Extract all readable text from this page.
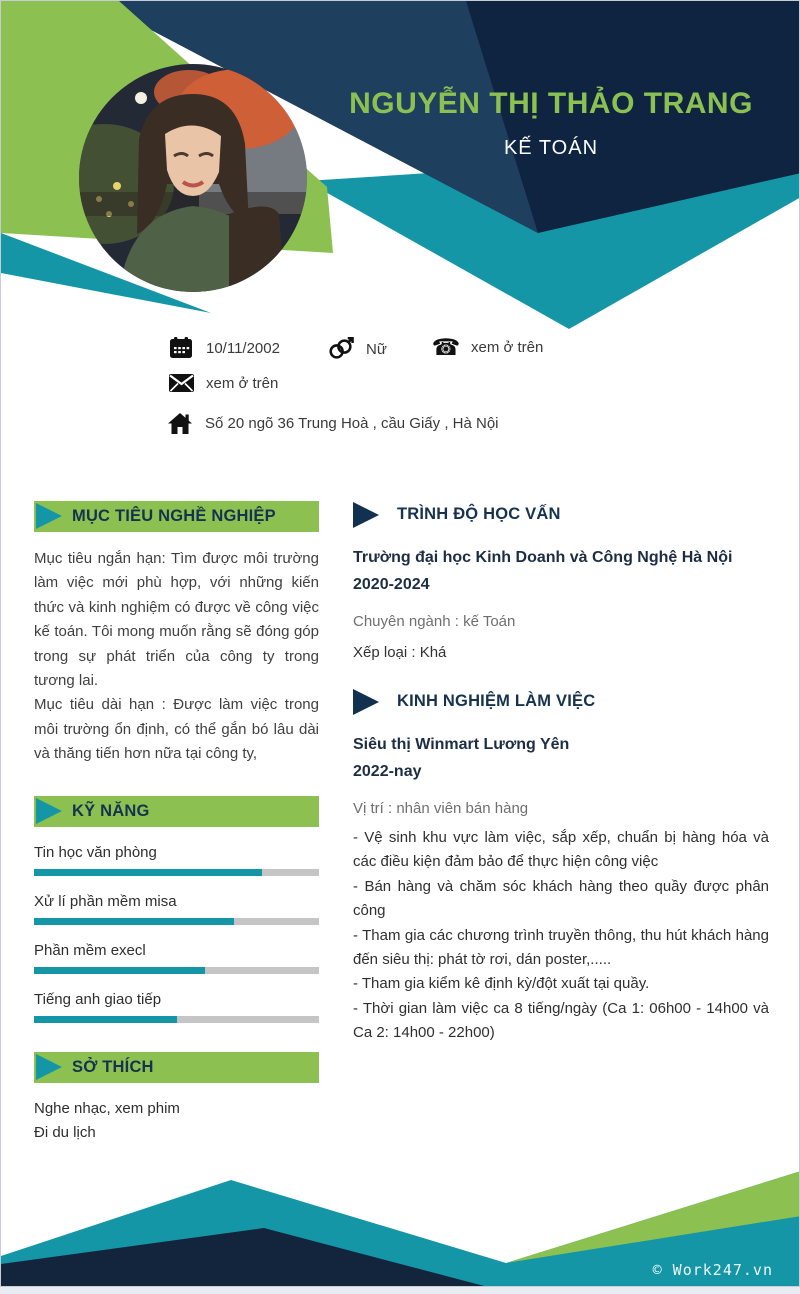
NGUYỄN THỊ THẢO TRANG
KẾ TOÁN
10/11/2002	Nữ ☎ xem ở trên
xem ở trên
Số 20 ngõ 36 Trung Hoà , cầu Giấy , Hà Nội
MỤC TIÊU NGHỀ NGHIỆP

Mục tiêu ngắn hạn: Tìm được môi trường làm việc mới phù hợp, với những kiến thức và kinh nghiệm có được về công việc kế toán. Tôi mong muốn rằng sẽ đóng góp trong sự phát triển của công ty trong tương lai.

Mục tiêu dài hạn : Được làm việc trong môi trường ổn định, có thể gắn bó lâu dài và thăng tiến hơn nữa tại công ty,

KỸ NĂNG
Tin học văn phòng
Xử lí phần mềm misa
Phần mềm execl
Tiếng anh giao tiếp
SỞ THÍCH

Nghe nhạc, xem phim

Đi du lịch

TRÌNH ĐỘ HỌC VẤN
Trường đại học Kinh Doanh và Công Nghệ Hà Nội
2020-2024
Chuyên ngành : kế Toán
Xếp loại : Khá
KINH NGHIỆM LÀM VIỆC
Siêu thị Winmart Lương Yên
2022-nay
Vị trí : nhân viên bán hàng

- Vệ sinh khu vực làm việc, sắp xếp, chuẩn bị hàng hóa và các điều kiện đảm bảo để thực hiện công việc

- Bán hàng và chăm sóc khách hàng theo quầy được phân công

- Tham gia các chương trình truyền thông, thu hút khách hàng đến siêu thị: phát tờ rơi, dán poster,.....

- Tham gia kiểm kê định kỳ/đột xuất tại quầy.

- Thời gian làm việc ca 8 tiếng/ngày (Ca 1: 06h00 - 14h00 và Ca 2: 14h00 - 22h00)

© Work247.vn
